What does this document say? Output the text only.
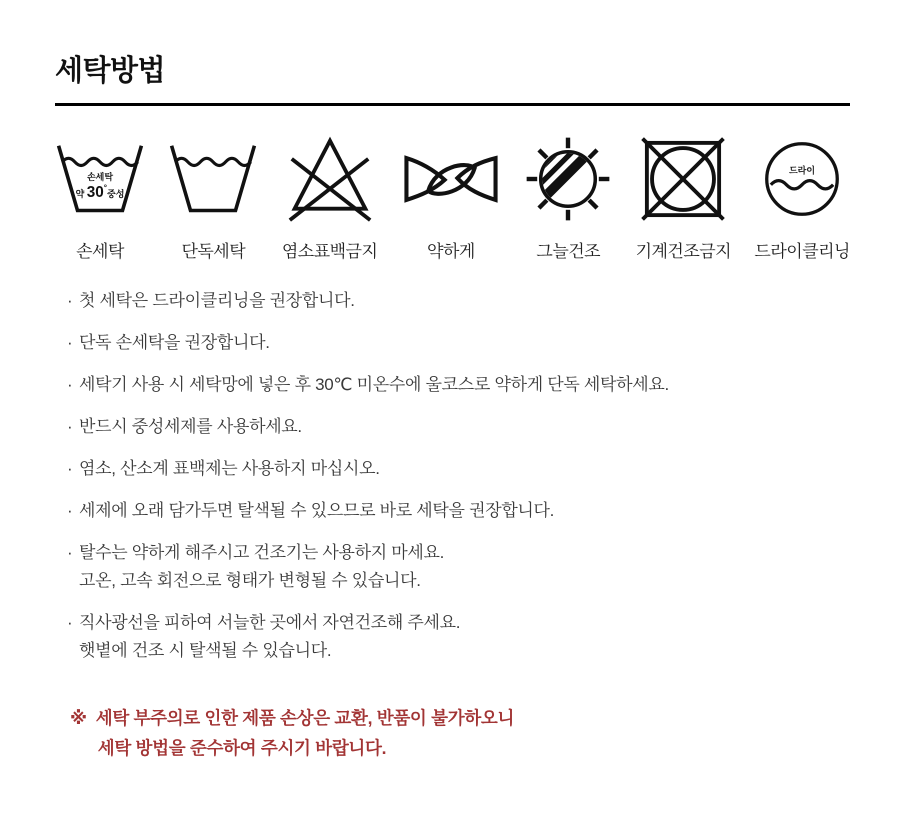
세탁방법
손세탁
약 30°중성
손세탁	단독세탁 염소표백금지	약하게	그늘건조 기계건조금지
드라이
드라이클리닝
· 첫 세탁은 드라이클리닝을 권장합니다.
· 단독 손세탁을 권장합니다.
· 세탁기 사용 시 세탁망에 넣은 후 30℃ 미온수에 울코스로 약하게 단독 세탁하세요.
· 반드시 중성세제를 사용하세요.
· 염소, 산소계 표백제는 사용하지 마십시오.
· 세제에 오래 담가두면 탈색될 수 있으므로 바로 세탁을 권장합니다.
· 탈수는 약하게 해주시고 건조기는 사용하지 마세요.
고온, 고속 회전으로 형태가 변형될 수 있습니다.
· 직사광선을 피하여 서늘한 곳에서 자연건조해 주세요.
햇볕에 건조 시 탈색될 수 있습니다.
※ 세탁 부주의로 인한 제품 손상은 교환, 반품이 불가하오니
세탁 방법을 준수하여 주시기 바랍니다.
